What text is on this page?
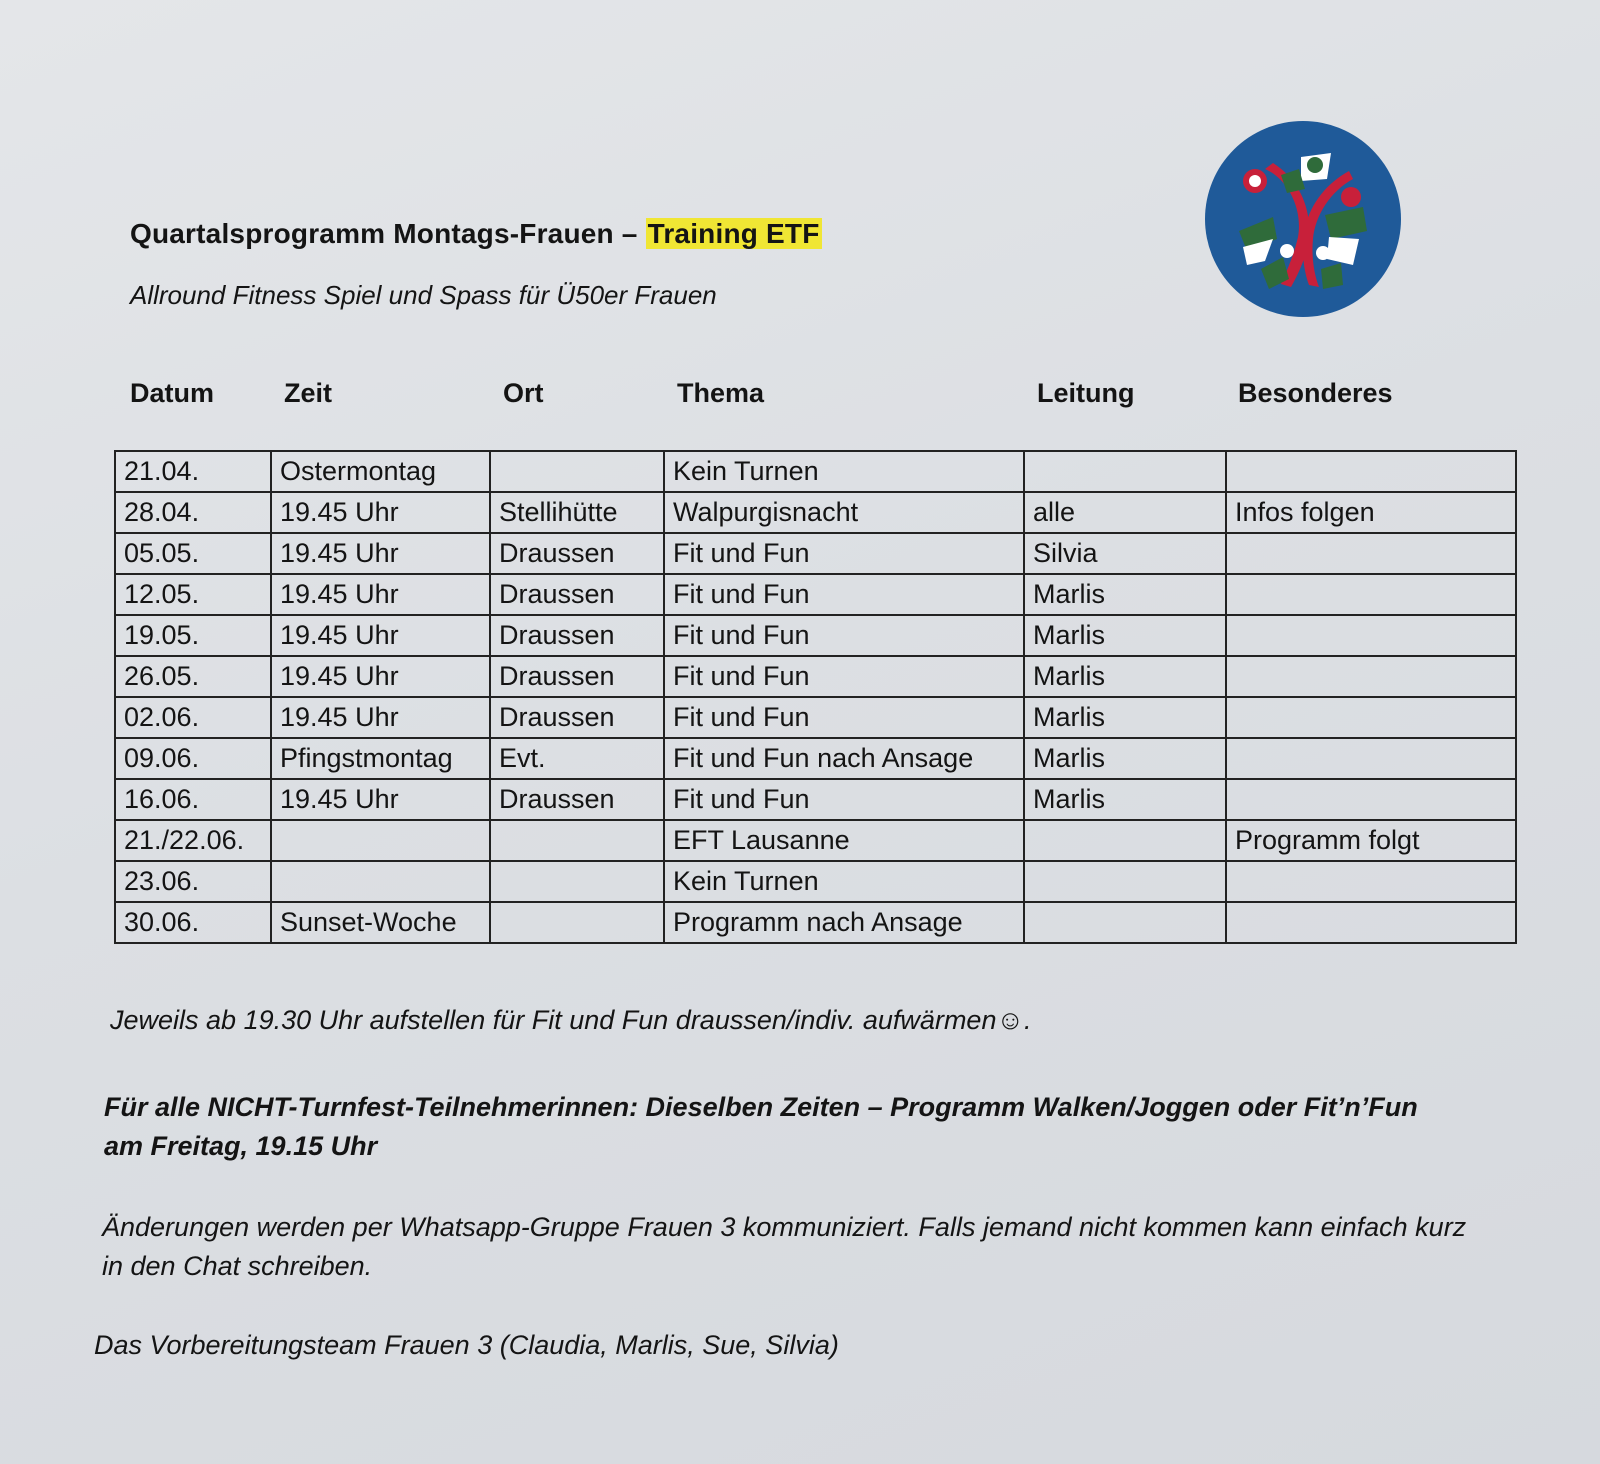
Quartalsprogramm Montags-Frauen – Training ETF
Allround Fitness Spiel und Spass für Ü50er Frauen
Datum	Zeit	Ort	Thema	Leitung	Besonderes
21.04.	Ostermontag		Kein Turnen		
28.04.	19.45 Uhr	Stellihütte	Walpurgisnacht	alle	Infos folgen
05.05.	19.45 Uhr	Draussen	Fit und Fun	Silvia	
12.05.	19.45 Uhr	Draussen	Fit und Fun	Marlis	
19.05.	19.45 Uhr	Draussen	Fit und Fun	Marlis	
26.05.	19.45 Uhr	Draussen	Fit und Fun	Marlis	
02.06.	19.45 Uhr	Draussen	Fit und Fun	Marlis	
09.06.	Pfingstmontag	Evt.	Fit und Fun nach Ansage	Marlis	
16.06.	19.45 Uhr	Draussen	Fit und Fun	Marlis	
21./22.06.			EFT Lausanne		Programm folgt
23.06.			Kein Turnen		
30.06.	Sunset-Woche		Programm nach Ansage		
Jeweils ab 19.30 Uhr aufstellen für Fit und Fun draussen/indiv. aufwärmen☺.
Für alle NICHT-Turnfest-Teilnehmerinnen: Dieselben Zeiten – Programm Walken/Joggen oder Fit’n’Fun am Freitag, 19.15 Uhr
Änderungen werden per Whatsapp-Gruppe Frauen 3 kommuniziert. Falls jemand nicht kommen kann einfach kurz in den Chat schreiben.
Das Vorbereitungsteam Frauen 3 (Claudia, Marlis, Sue, Silvia)
